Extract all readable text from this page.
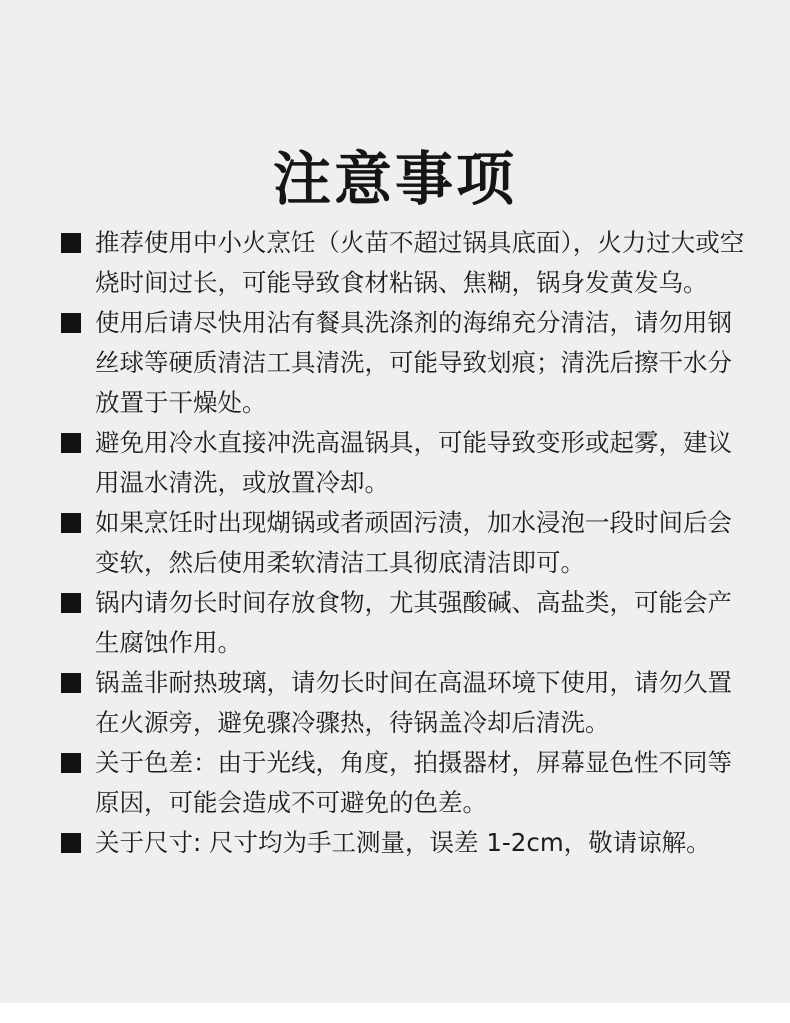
注意事项
推荐使用中小火烹饪（火苗不超过锅具底面），火力过大或空烧时间过长，可能导致食材粘锅、焦糊，锅身发黄发乌。
使用后请尽快用沾有餐具洗涤剂的海绵充分清洁，请勿用钢丝球等硬质清洁工具清洗，可能导致划痕；清洗后擦干水分放置于干燥处。
避免用冷水直接冲洗高温锅具，可能导致变形或起雾，建议用温水清洗，或放置冷却。
如果烹饪时出现煳锅或者顽固污渍，加水浸泡一段时间后会变软，然后使用柔软清洁工具彻底清洁即可。
锅内请勿长时间存放食物，尤其强酸碱、高盐类，可能会产生腐蚀作用。
锅盖非耐热玻璃，请勿长时间在高温环境下使用，请勿久置在火源旁，避免骤冷骤热，待锅盖冷却后清洗。
关于色差：由于光线，角度，拍摄器材，屏幕显色性不同等原因，可能会造成不可避免的色差。
关于尺寸: 尺寸均为手工测量，误差 1-2cm，敬请谅解。
